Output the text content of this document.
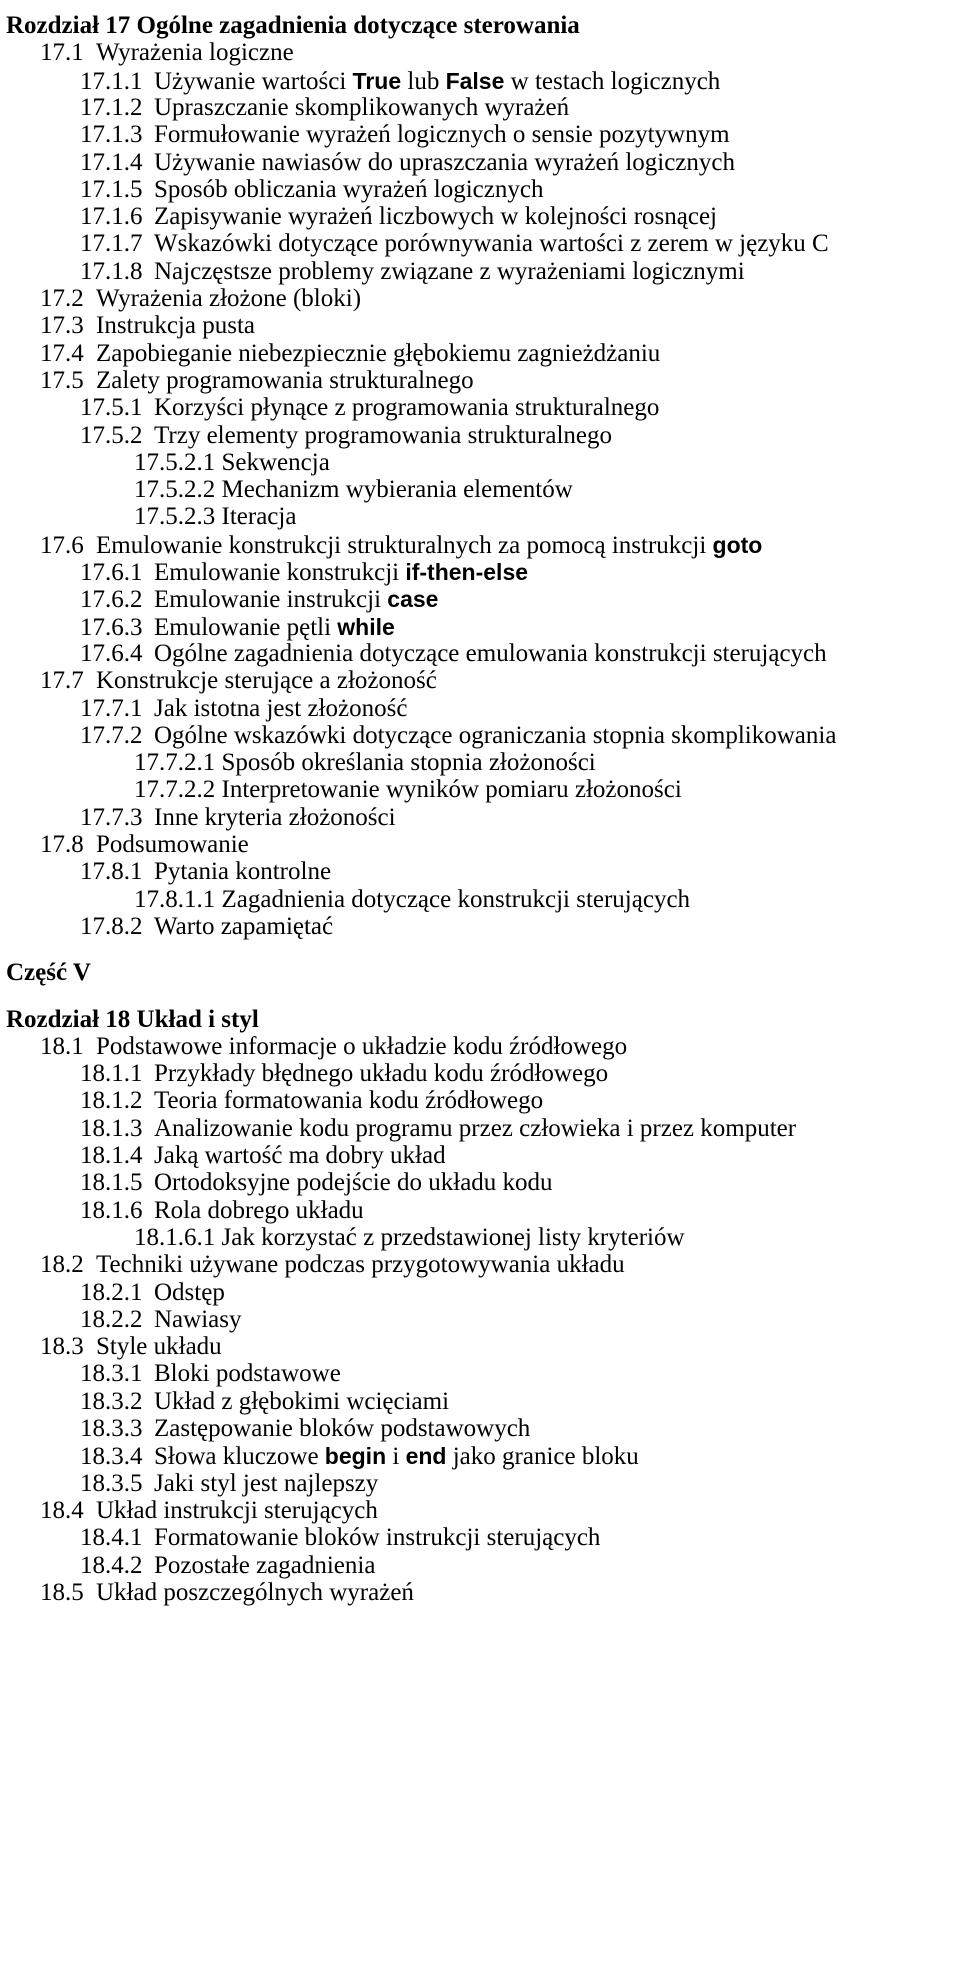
Rozdział 17 Ogólne zagadnienia dotyczące sterowania
17.1 Wyrażenia logiczne
17.1.1 Używanie wartości True lub False w testach logicznych
17.1.2 Upraszczanie skomplikowanych wyrażeń
17.1.3 Formułowanie wyrażeń logicznych o sensie pozytywnym
17.1.4 Używanie nawiasów do upraszczania wyrażeń logicznych
17.1.5 Sposób obliczania wyrażeń logicznych
17.1.6 Zapisywanie wyrażeń liczbowych w kolejności rosnącej
17.1.7 Wskazówki dotyczące porównywania wartości z zerem w języku C
17.1.8 Najczęstsze problemy związane z wyrażeniami logicznymi
17.2 Wyrażenia złożone (bloki)
17.3 Instrukcja pusta
17.4 Zapobieganie niebezpiecznie głębokiemu zagnieżdżaniu
17.5 Zalety programowania strukturalnego
17.5.1 Korzyści płynące z programowania strukturalnego
17.5.2 Trzy elementy programowania strukturalnego
17.5.2.1 Sekwencja
17.5.2.2 Mechanizm wybierania elementów
17.5.2.3 Iteracja
17.6 Emulowanie konstrukcji strukturalnych za pomocą instrukcji goto
17.6.1 Emulowanie konstrukcji if-then-else
17.6.2 Emulowanie instrukcji case
17.6.3 Emulowanie pętli while
17.6.4 Ogólne zagadnienia dotyczące emulowania konstrukcji sterujących
17.7 Konstrukcje sterujące a złożoność
17.7.1 Jak istotna jest złożoność
17.7.2 Ogólne wskazówki dotyczące ograniczania stopnia skomplikowania
17.7.2.1 Sposób określania stopnia złożoności
17.7.2.2 Interpretowanie wyników pomiaru złożoności
17.7.3 Inne kryteria złożoności
17.8 Podsumowanie
17.8.1 Pytania kontrolne
17.8.1.1 Zagadnienia dotyczące konstrukcji sterujących
17.8.2 Warto zapamiętać
Część V
Rozdział 18 Układ i styl
18.1 Podstawowe informacje o układzie kodu źródłowego
18.1.1 Przykłady błędnego układu kodu źródłowego
18.1.2 Teoria formatowania kodu źródłowego
18.1.3 Analizowanie kodu programu przez człowieka i przez komputer
18.1.4 Jaką wartość ma dobry układ
18.1.5 Ortodoksyjne podejście do układu kodu
18.1.6 Rola dobrego układu
18.1.6.1 Jak korzystać z przedstawionej listy kryteriów
18.2 Techniki używane podczas przygotowywania układu
18.2.1 Odstęp
18.2.2 Nawiasy
18.3 Style układu
18.3.1 Bloki podstawowe
18.3.2 Układ z głębokimi wcięciami
18.3.3 Zastępowanie bloków podstawowych
18.3.4 Słowa kluczowe begin i end jako granice bloku
18.3.5 Jaki styl jest najlepszy
18.4 Układ instrukcji sterujących
18.4.1 Formatowanie bloków instrukcji sterujących
18.4.2 Pozostałe zagadnienia
18.5 Układ poszczególnych wyrażeń
